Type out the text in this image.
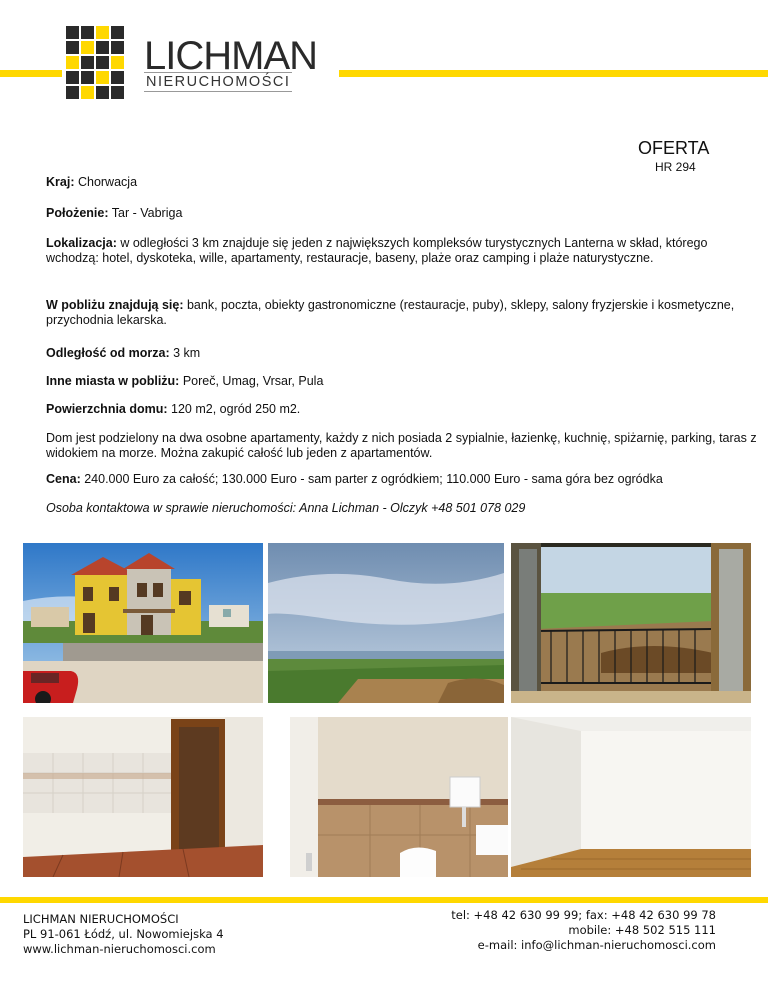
LICHMAN
NIERUCHOMOŚCI
OFERTA
HR 294
Kraj: Chorwacja
Położenie: Tar - Vabriga
Lokalizacja: w odległości 3 km znajduje się jeden z największych kompleksów turystycznych Lanterna w skład, którego wchodzą: hotel, dyskoteka, wille, apartamenty, restauracje, baseny, plaże oraz camping i plaże naturystyczne.
W pobliżu znajdują się: bank, poczta, obiekty gastronomiczne (restauracje, puby), sklepy, salony fryzjerskie i kosmetyczne, przychodnia lekarska.
Odległość od morza: 3 km
Inne miasta w pobliżu: Poreč, Umag, Vrsar, Pula
Powierzchnia domu: 120 m2, ogród 250 m2.
Dom jest podzielony na dwa osobne apartamenty, każdy z nich posiada 2 sypialnie, łazienkę, kuchnię, spiżarnię, parking, taras z widokiem na morze. Można zakupić całość lub jeden z apartamentów.
Cena: 240.000 Euro za całość; 130.000 Euro - sam parter z ogródkiem; 110.000 Euro - sama góra bez ogródka
Osoba kontaktowa w sprawie nieruchomości: Anna Lichman - Olczyk +48 501 078 029
LICHMAN NIERUCHOMOŚCI
PL 91-061 Łódź, ul. Nowomiejska 4
www.lichman-nieruchomosci.com
tel: +48 42 630 99 99; fax: +48 42 630 99 78
mobile: +48 502 515 111
e-mail: info@lichman-nieruchomosci.com
